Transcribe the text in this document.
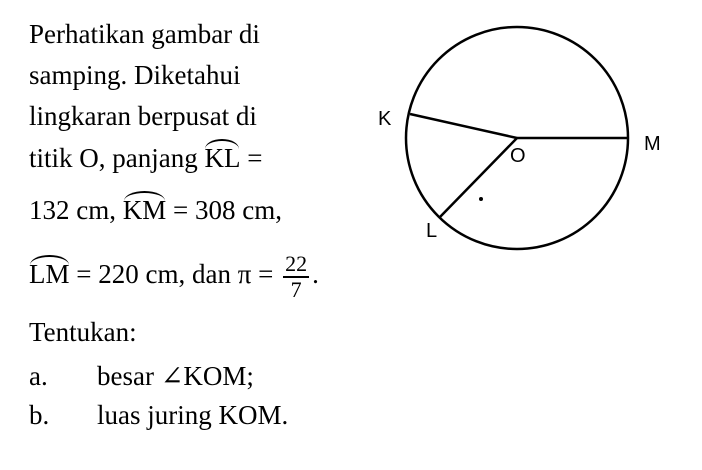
Perhatikan gambar di
samping. Diketahui
lingkaran berpusat di
titik O, panjang KL =
132 cm, KM = 308 cm,
LM = 220 cm, dan $\pi = \frac{22}{7}$ .
Tentukan:
a. besar ∠KOM;
b. luas juring KOM.
K
M
O
L
